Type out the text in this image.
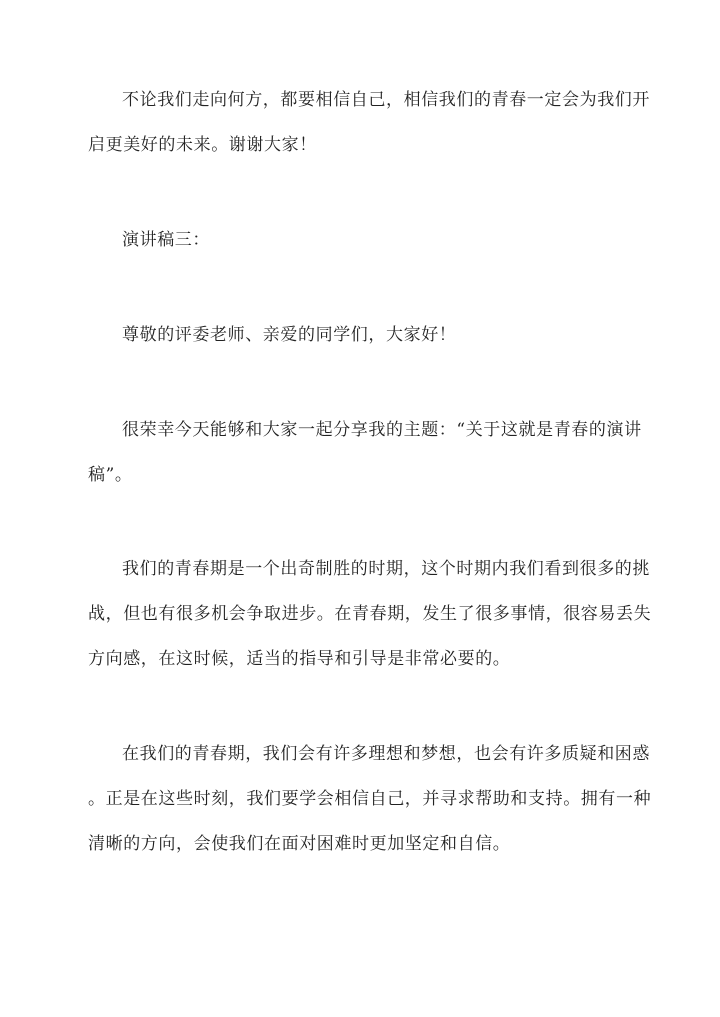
不论我们走向何方，都要相信自己，相信我们的青春一定会为我们开

启更美好的未来。谢谢大家！

演讲稿三：

尊敬的评委老师、亲爱的同学们，大家好！

很荣幸今天能够和大家一起分享我的主题：“关于这就是青春的演讲

稿”。

我们的青春期是一个出奇制胜的时期，这个时期内我们看到很多的挑

战，但也有很多机会争取进步。在青春期，发生了很多事情，很容易丢失

方向感，在这时候，适当的指导和引导是非常必要的。

在我们的青春期，我们会有许多理想和梦想，也会有许多质疑和困惑

。正是在这些时刻，我们要学会相信自己，并寻求帮助和支持。拥有一种

清晰的方向，会使我们在面对困难时更加坚定和自信。
